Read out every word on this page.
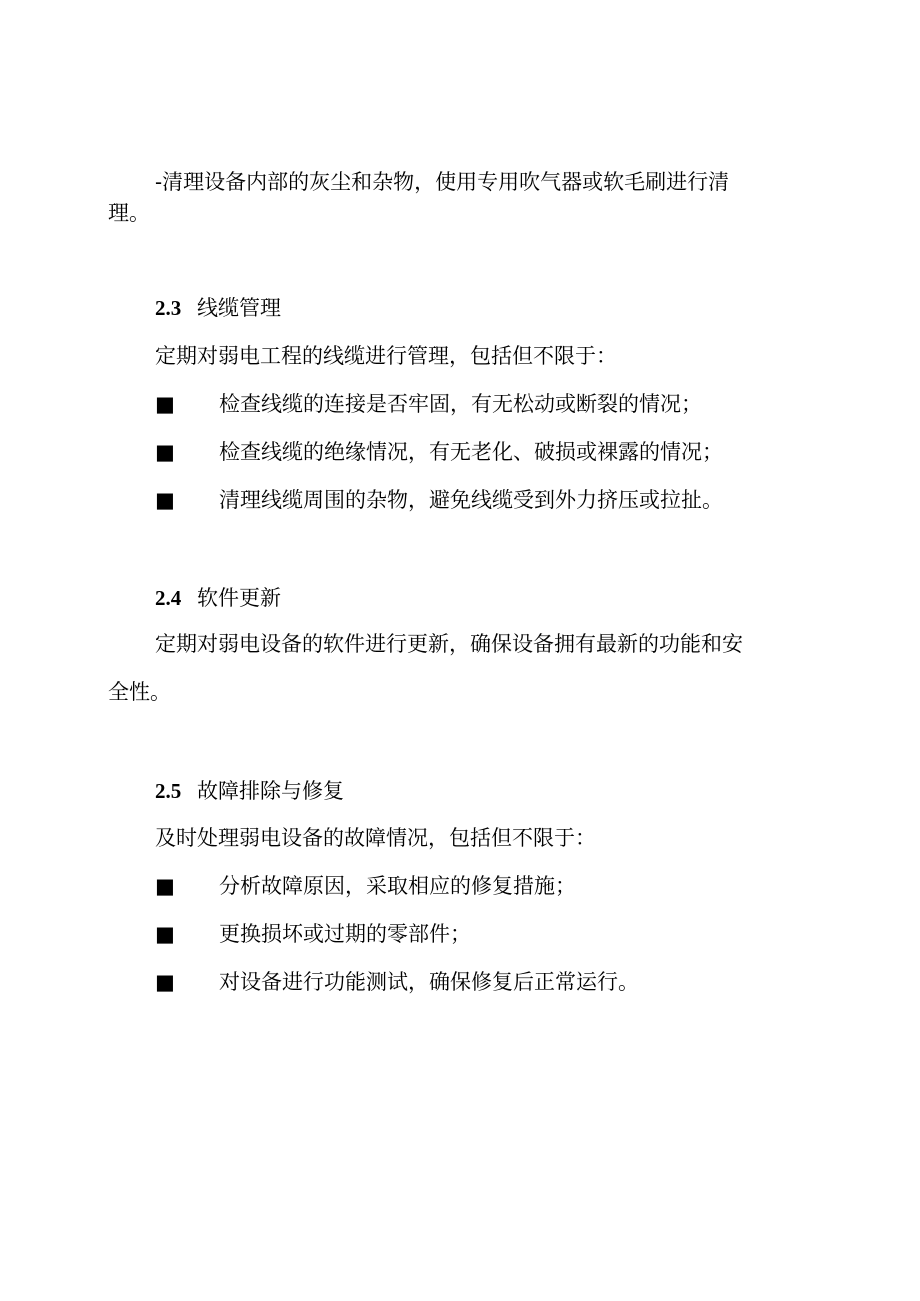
-清理设备内部的灰尘和杂物，使用专用吹气器或软毛刷进行清

理。

2.3 线缆管理

定期对弱电工程的线缆进行管理，包括但不限于：

■ 检查线缆的连接是否牢固，有无松动或断裂的情况；
■ 检查线缆的绝缘情况，有无老化、破损或裸露的情况；
■ 清理线缆周围的杂物，避免线缆受到外力挤压或拉扯。
2.4 软件更新

定期对弱电设备的软件进行更新，确保设备拥有最新的功能和安

全性。

2.5 故障排除与修复

及时处理弱电设备的故障情况，包括但不限于：

■ 分析故障原因，采取相应的修复措施；
■ 更换损坏或过期的零部件；
■ 对设备进行功能测试，确保修复后正常运行。
